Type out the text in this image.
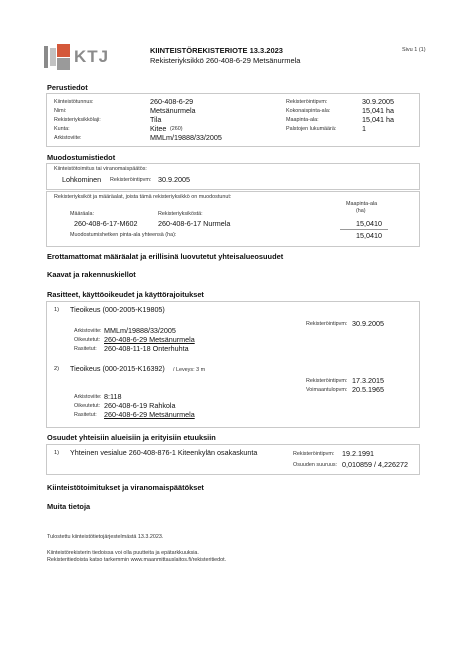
KTJ	KIINTEISTÖREKISTERIOTE 13.3.2023
Rekisteriyksikkö 260-408-6-29 Metsänurmela
Sivu 1 (1)
Perustiedot
Kiinteistötunnus:	260-408-6-29
Nimi:	Metsänurmela
Rekisteriyksikkölaji:	Tila
Kunta:	Kitee (260)
Arkistoviite:	MMLm/19888/33/2005
Rekisteröintipvm:	30.9.2005
Kokonaispinta-ala:	15,041 ha
Maapinta-ala:	15,041 ha
Palstojen lukumäärä:	1
Muodostumistiedot
Kiinteistötoimitus tai viranomaispäätös:
Lohkominen Rekisteröintipvm: 30.9.2005
Rekisteriyksiköt ja määräalat, joista tämä rekisteriyksikkö on muodostunut:
Maapinta-ala
(ha)
Määräala:	Rekisteriyksiköstä:
260-408-6-17-M602	260-408-6-17 Nurmela	15,0410
Muodostumishetken pinta-ala yhteensä (ha):	15,0410
Erottamattomat määräalat ja erillisinä luovutetut yhteisalueosuudet
Kaavat ja rakennuskiellot
Rasitteet, käyttöoikeudet ja käyttörajoitukset
1) Tieoikeus (000-2005-K19805)
Rekisteröintipvm: 30.9.2005
Arkistoviite: MMLm/19888/33/2005
Oikeutetut: 260-408-6-29 Metsänurmela
Rasitetut: 260-408-11-18 Onterhuhta
2) Tieoikeus (000-2015-K16392) / Leveys: 3 m
Rekisteröintipvm: 17.3.2015
Voimaantulopvm: 20.5.1965
Arkistoviite: 8:118
Oikeutetut: 260-408-6-19 Rahkola
Rasitetut: 260-408-6-29 Metsänurmela
Osuudet yhteisiin alueisiin ja erityisiin etuuksiin
1) Yhteinen vesialue 260-408-876-1 Kiteenkylän osakaskunta	Rekisteröintipvm: 19.2.1991
Osuuden suuruus: 0,010859 / 4,226272
Kiinteistötoimitukset ja viranomaispäätökset
Muita tietoja
Tulostettu kiinteistötietojärjestelmästä 13.3.2023.
Kiinteistörekisterin tiedoissa voi olla puutteita ja epätarkkuuksia.
Rekisteritiedoista katso tarkemmin www.maanmittauslaitos.fi/rekisteritiedot.
